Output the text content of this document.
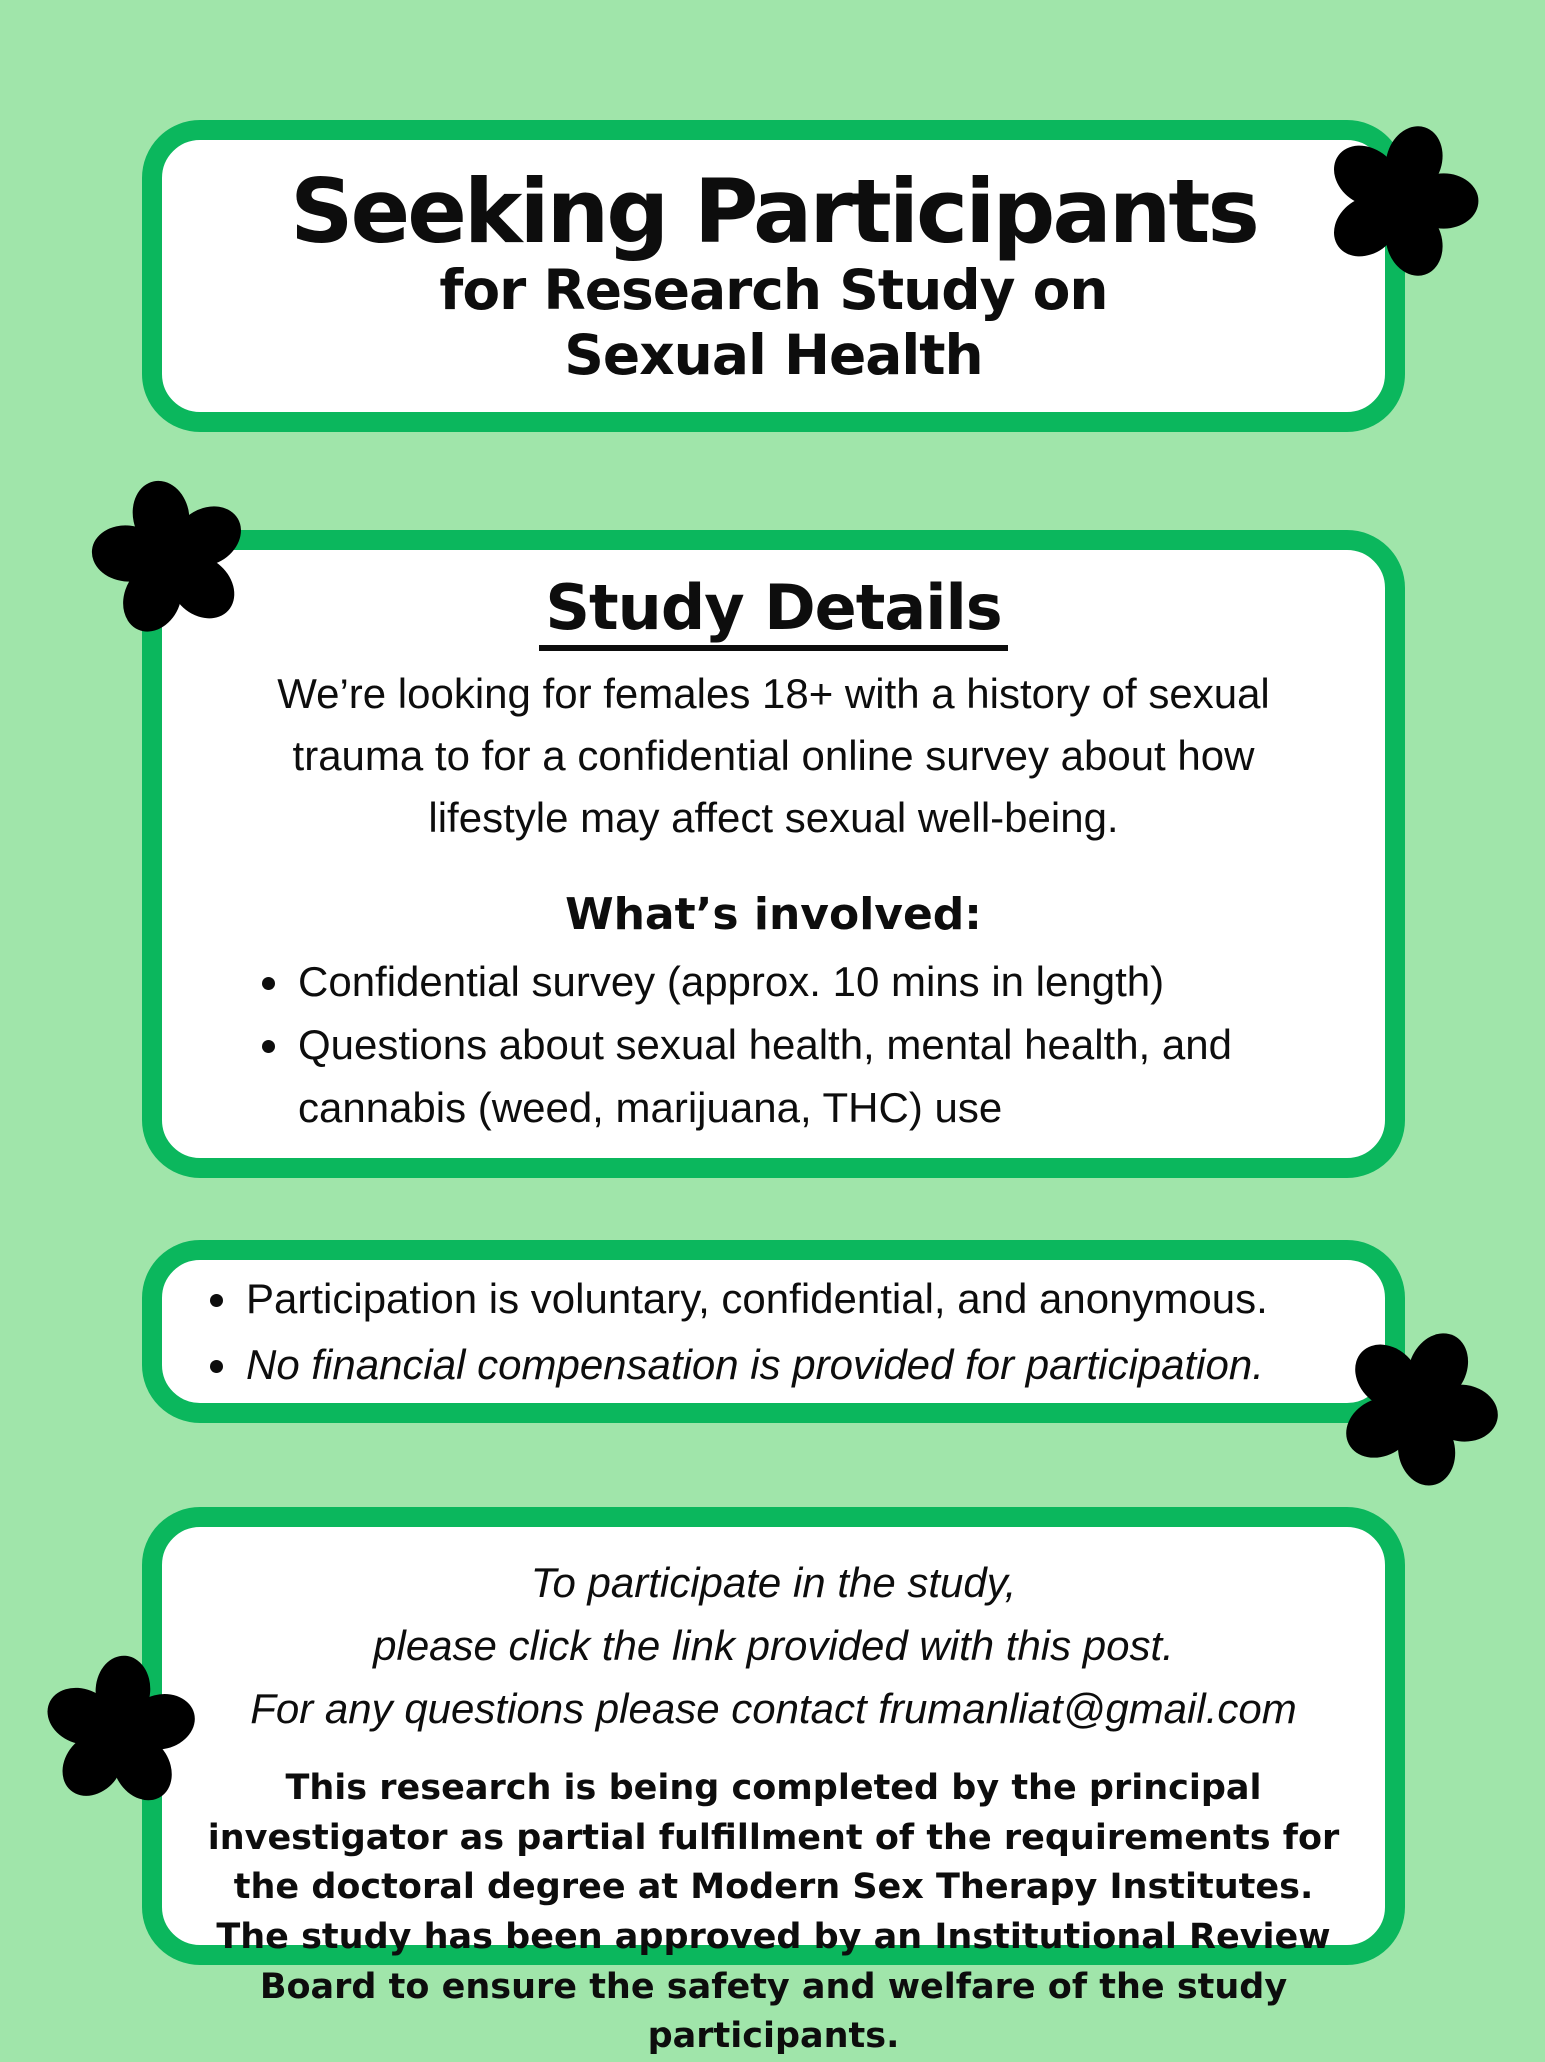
Seeking Participants
for Research Study on
Sexual Health
Study Details
We’re looking for females 18+ with a history of sexual
trauma to for a confidential online survey about how
lifestyle may affect sexual well-being.
What’s involved:
• Confidential survey (approx. 10 mins in length)
• Questions about sexual health, mental health, and cannabis (weed, marijuana, THC) use
• Participation is voluntary, confidential, and anonymous.
• No financial compensation is provided for participation.
To participate in the study,
please click the link provided with this post.
For any questions please contact frumanliat@gmail.com
This research is being completed by the principal investigator as partial fulfillment of the requirements for the doctoral degree at Modern Sex Therapy Institutes. The study has been approved by an Institutional Review Board to ensure the safety and welfare of the study participants.
